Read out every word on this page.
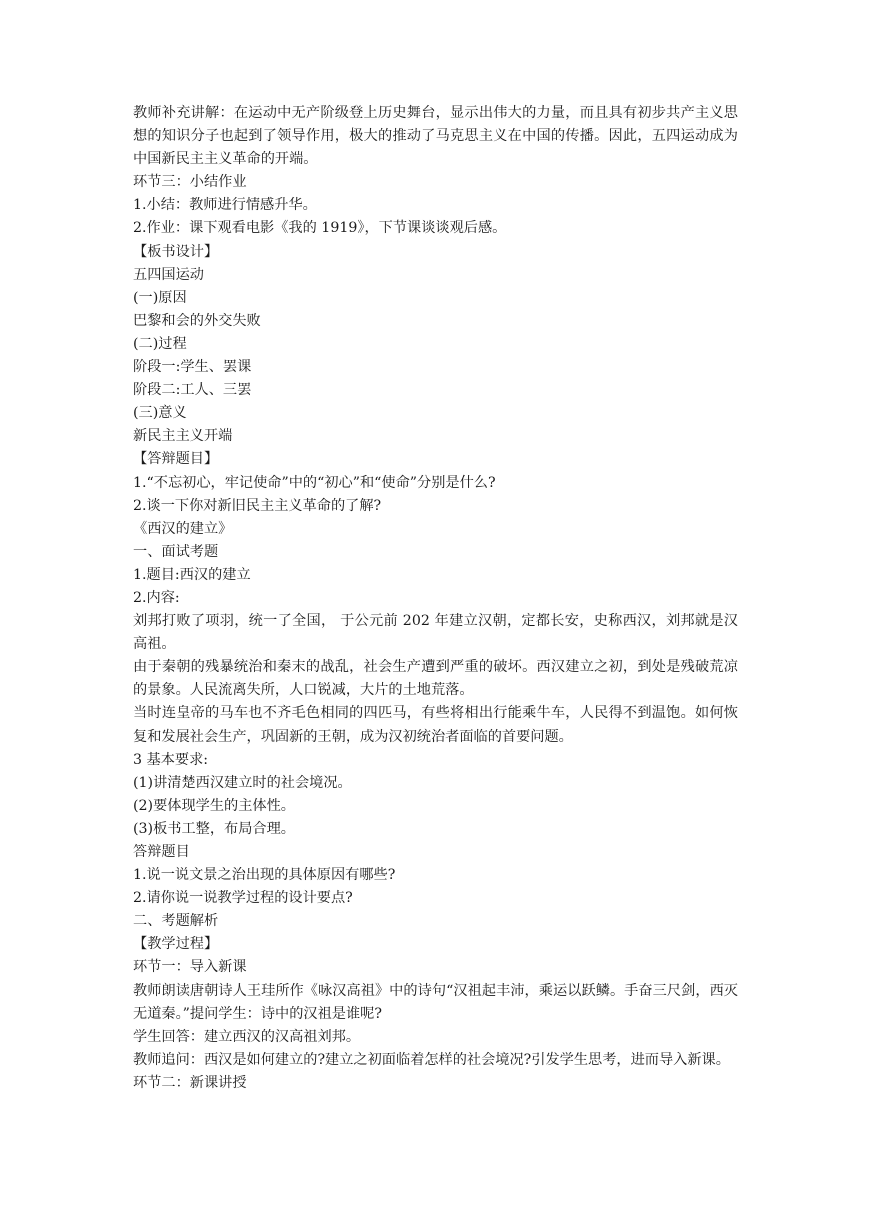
教师补充讲解：在运动中无产阶级登上历史舞台，显示出伟大的力量，而且具有初步共产主义思想的知识分子也起到了领导作用，极大的推动了马克思主义在中国的传播。因此，五四运动成为中国新民主主义革命的开端。

环节三：小结作业

1.小结：教师进行情感升华。

2.作业：课下观看电影《我的 1919》，下节课谈谈观后感。

【板书设计】

五四国运动

(一)原因

巴黎和会的外交失败

(二)过程

阶段一:学生、罢课

阶段二:工人、三罢

(三)意义

新民主主义开端

【答辩题目】

1.“不忘初心，牢记使命”中的“初心”和“使命”分别是什么?

2.谈一下你对新旧民主主义革命的了解?

《西汉的建立》

一、面试考题

1.题目:西汉的建立

2.内容:

刘邦打败了项羽，统一了全国， 于公元前 202 年建立汉朝，定都长安，史称西汉，刘邦就是汉高祖。

由于秦朝的残暴统治和秦末的战乱，社会生产遭到严重的破坏。西汉建立之初，到处是残破荒凉的景象。人民流离失所，人口锐减，大片的土地荒落。

当时连皇帝的马车也不齐毛色相同的四匹马，有些将相出行能乘牛车，人民得不到温饱。如何恢复和发展社会生产，巩固新的王朝，成为汉初统治者面临的首要问题。

3 基本要求:

(1)讲清楚西汉建立时的社会境况。

(2)要体现学生的主体性。

(3)板书工整，布局合理。

答辩题目

1.说一说文景之治出现的具体原因有哪些?

2.请你说一说教学过程的设计要点?

二、考题解析

【教学过程】

环节一：导入新课

教师朗读唐朝诗人王珪所作《咏汉高祖》中的诗句“汉祖起丰沛，乘运以跃鳞。手奋三尺剑，西灭无道秦。”提问学生：诗中的汉祖是谁呢?

学生回答：建立西汉的汉高祖刘邦。

教师追问：西汉是如何建立的?建立之初面临着怎样的社会境况?引发学生思考，进而导入新课。

环节二：新课讲授
